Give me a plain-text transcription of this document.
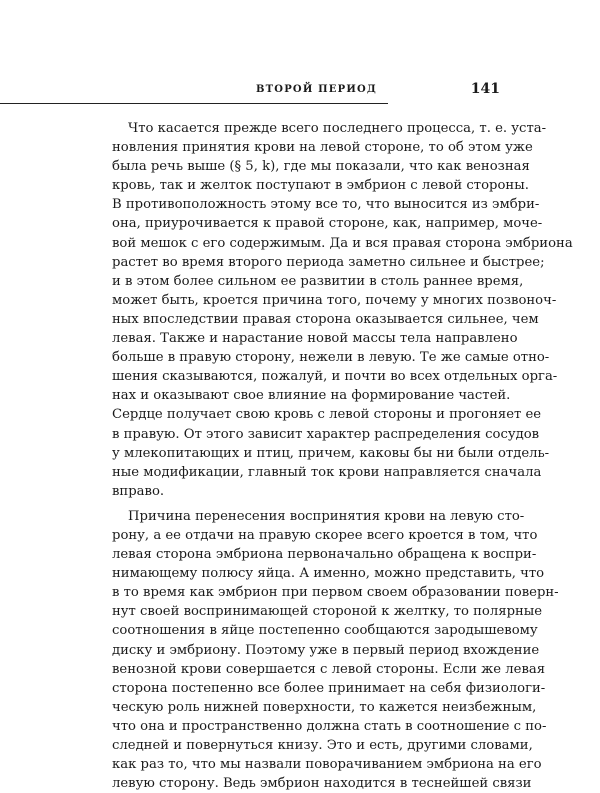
ВТОРОЙ ПЕРИОД	141

Что касается прежде всего последнего процесса, т. е. уста-

новления принятия крови на левой стороне, то об этом уже

была речь выше (§ 5, k), где мы показали, что как венозная

кровь, так и желток поступают в эмбрион с левой стороны.

В противоположность этому все то, что выносится из эмбри-

она, приурочивается к правой стороне, как, например, моче-

вой мешок с его содержимым. Да и вся правая сторона эмбриона

растет во время второго периода заметно сильнее и быстрее;

и в этом более сильном ее развитии в столь раннее время,

может быть, кроется причина того, почему у многих позвоноч-

ных впоследствии правая сторона оказывается сильнее, чем

левая. Также и нарастание новой массы тела направлено

больше в правую сторону, нежели в левую. Те же самые отно-

шения сказываются, пожалуй, и почти во всех отдельных орга-

нах и оказывают свое влияние на формирование частей.

Сердце получает свою кровь с левой стороны и прогоняет ее

в правую. От этого зависит характер распределения сосудов

у млекопитающих и птиц, причем, каковы бы ни были отдель-

ные модификации, главный ток крови направляется сначала

вправо.

Причина перенесения воспринятия крови на левую сто-

рону, а ее отдачи на правую скорее всего кроется в том, что

левая сторона эмбриона первоначально обращена к воспри-

нимающему полюсу яйца. А именно, можно представить, что

в то время как эмбрион при первом своем образовании поверн-

нут своей воспринимающей стороной к желтку, то полярные

соотношения в яйце постепенно сообщаются зародышевому

диску и эмбриону. Поэтому уже в первый период вхождение

венозной крови совершается с левой стороны. Если же левая

сторона постепенно все более принимает на себя физиологи-

ческую роль нижней поверхности, то кажется неизбежным,

что она и пространственно должна стать в соотношение с по-

следней и повернуться книзу. Это и есть, другими словами,

как раз то, что мы назвали поворачиванием эмбриона на его

левую сторону. Ведь эмбрион находится в теснейшей связи
